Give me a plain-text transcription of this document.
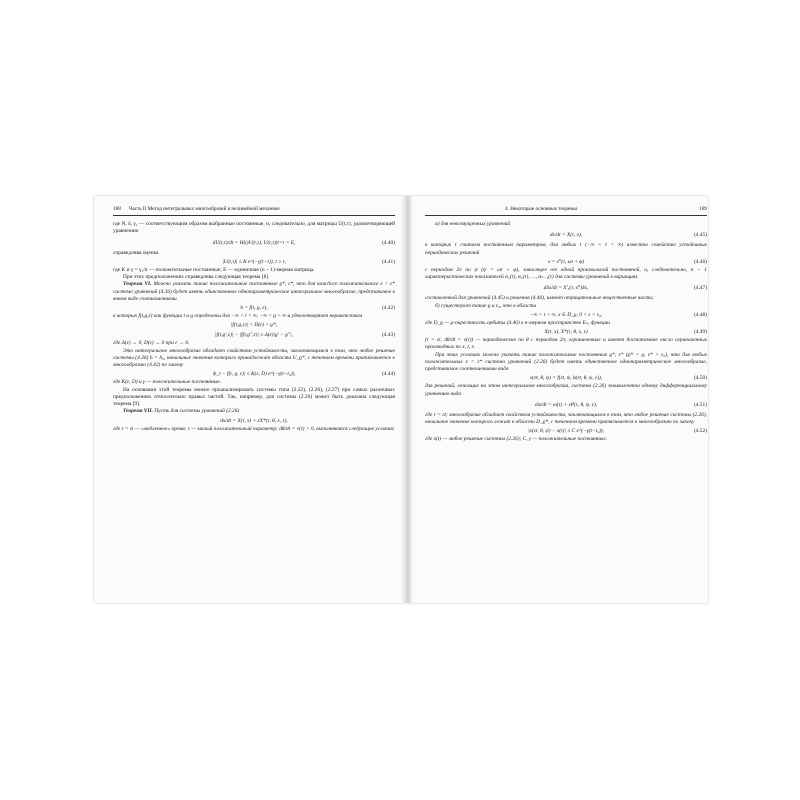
188 Часть II Метод интегральных многообразий в нелинейной механике

где N, δ, γ₁ — соответствующим образом выбранные постоянные, и, следовательно, для матрицы U(t,τ), удовлетворяющей уравнению

dU(t,τ)/dt = H(t)U(t,τ), U(t,τ)|t=τ = E,	(4.40)

справедлива оценка

|U(t,τ)| ≤ K e^(−γ(t−τ)), t ≥ τ,	(4.41)

где K и γ = γ₁/n — положительные постоянные; E — единичная (n − 1)-мерная матрица.

При этих предположениях справедлива следующая теорема [8].

Теорема VI. Можно указать такие положительные постоянные ϱ*, ε*, что для каждого положительного ε < ε* система уравнений (4.36) будет иметь единственное однопараметрическое интегральное многообразие, представимое в явном виде соотношениями

h = f(t, g, ε),	(4.42)

в которых f(t,g,ε) как функции t и g определены для −∞ < t < ∞, −∞ < g < ∞ и удовлетворяют неравенствам

|f(t,g,ε)| < D(ε) < ϱ*,
|f(t,g′,ε)| − |f(t,g″,ε)| ≤ Δ(ε)|g′ − g″|,	(4.43)

где Δ(ε) → 0, D(ε) → 0 при ε → 0.

Это интегральное многообразие обладает свойством устойчивости, заключающимся в том, что любое решение системы (4.36) h = h₀, начальные значения которого принадлежат области U_ϱ*, с течением времени притягивается к многообразию (4.42) по закону

|h_t − f(t, g, ε)| ≤ K(ε, D) e^(−γ(t−t₀)),	(4.44)

где K(ε, D) и γ — положительные постоянные.

На основании этой теоремы можно проанализировать системы типа (2.22), (2.26), (2.27) при самых различных предположениях относительно правых частей. Так, например, для системы (2.26) может быть доказана следующая теорема [9].

Теорема VII. Пусть для системы уравнений (2.26)

dx/dt = X(τ, x) + εX*(τ, θ, x, ε),

где τ = εt — «медленное» время; ε — малый положительный параметр; dθ/dt = ν(τ) > 0, выполняются следующие условия:

4. Некоторые основные теоремы	189

а) для невозмущенных уравнений

dx/dt = X(τ, x),	(4.45)

в которых τ считаем постоянным параметром, для любых τ (−∞ < τ < ∞) известно семейство устойчивых периодических решений

x = x⁰(τ, ωt + φ)	(4.46)

с периодом 2π по ψ (ψ = ωt + φ), зависящее от одной произвольной постоянной, и, следовательно, n − 1 характеристических показателей α₁(τ), α₂(τ), …, αₙ₋₁(τ) для системы уравнений в вариациях

dδx/dt = X′ₓ(τ, x⁰)δx,	(4.47)

составленной для уравнений (4.45) и решения (4.46), имеют отрицательные вещественные части;

б) существуют такие ϱ и ε₀, что в области

−∞ < t < ∞, x ∈ D_ϱ, 0 < ε < ε₀,	(4.48)

где D_ϱ — ϱ-окрестность орбиты (4.46) в n-мерном пространстве Eₙ, функции

X(τ, x), X*(τ, θ, x, ε)	(4.49)

(τ = εt, dθ/dt = ν(τ)) — периодические по θ с периодом 2π, ограниченные и имеют достаточное число ограниченных производных по x, t, ε.

При этих условиях можно указать такие положительные постоянные ϱ*, ε* (ϱ* < ϱ, ε* < ε₀), что для любых положительных ε < ε* система уравнений (2.26) будет иметь единственное однопараметрическое многообразие, представимое соотношениями вида

x(εt, θ, ψ) = f(εt, ψ, h(εt, θ, ψ, ε)),	(4.50)

для решений, лежащих на этом интегральном многообразии, система (2.26) эквивалентна одному дифференциальному уравнению вида

dψ/dt = ω(τ) + εP(τ, θ, ψ, ε),	(4.51)

где τ = εt; многообразие обладает свойством устойчивости, заключающимся в том, что любое решение системы (2.26), начальное значение которого лежит в области D_ϱ*, с течением времени притягивается к многообразию по закону

|x(εt, θ, ψ) − x(t)| ≤ C e^(−γ(t−t₀)),	(4.52)

где x(t) — любое решение системы (2.26); C, γ — положительные постоянные.
